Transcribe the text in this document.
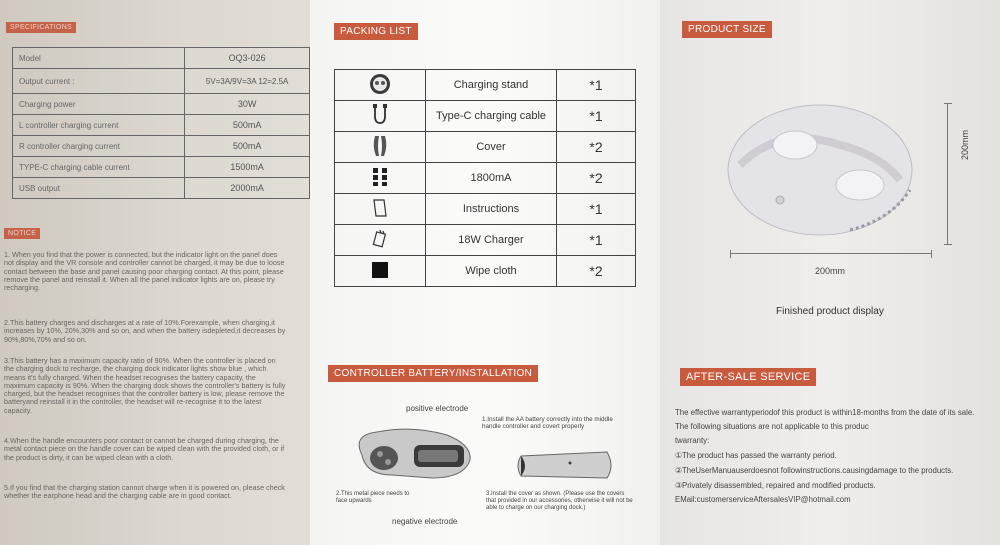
SPECIFICATIONS
Model	OQ3-026
Output current :	5V=3A/9V=3A 12=2.5A
Charging power	30W
L controller charging current	500mA
R controller charging current	500mA
TYPE-C charging cable current	1500mA
USB output	2000mA
NOTICE
1. When you find that the power is connected, but the indicator light on the panel does not display and the VR console and controller cannot be charged, it may be due to loose contact between the base and panel causing poor charging contact. At this point, please remove the panel and reinstall it. When all the panel indicator lights are on, please try recharging.
2.This battery charges and discharges at a rate of 10%.Forexample, when charging,it increases by 10%, 20%,30% and so on, and when the battery isdepleted,it decreases by 90%,80%,70% and so on.
3.This battery has a maximum capacity ratio of 90%. When the controller is placed on the charging dock to recharge, the charging dock indicator lights show blue , which means it's fully charged. When the headset recognises the battery capacity, the maximum capacity is 90%. When the charging dock shows the controller's battery is fully charged, but the headset recognises that the controller battery is low, please remove the batteryand reinstall it in the controller, the headset will re-recognise it to the latest capacity.
4.When the handle encounters poor contact or cannot be charged during charging, the metal contact piece on the handle cover can be wiped clean with the provided cloth, or if the product is dirty, it can be wiped clean with a cloth.
5.If you find that the charging station cannot charge when it is powered on, please check whether the earphone head and the charging cable are in good contact.
PACKING LIST
	Charging stand	*1
	Type-C charging cable	*1
	Cover	*2
	1800mA	*2
	Instructions	*1
	18W Charger	*1
	Wipe cloth	*2
CONTROLLER BATTERY/INSTALLATION
positive electrode
negative electrode
1.Install the AA battery correctly into the middle handle controller and covert properly
2.This metal piece needs to face upwards
3.Install the cover as shown. (Please use the covers that provided in our accessories, otherwise it will not be able to charge on our charging dock.)
PRODUCT SIZE
200mm
200mm
Finished product display
AFTER-SALE SERVICE
The effective warrantyperiodof this product is within18-months from the date of its sale.
The following situations are not applicable to this produc
twarranty:
①The product has passed the warranty period.
②TheUserManuauserdoesnot followinstructions.causingdamage to the products.
③Privately disassembled, repaired and modified products.
EMail:customerserviceAftersalesVIP@hotmail.com
